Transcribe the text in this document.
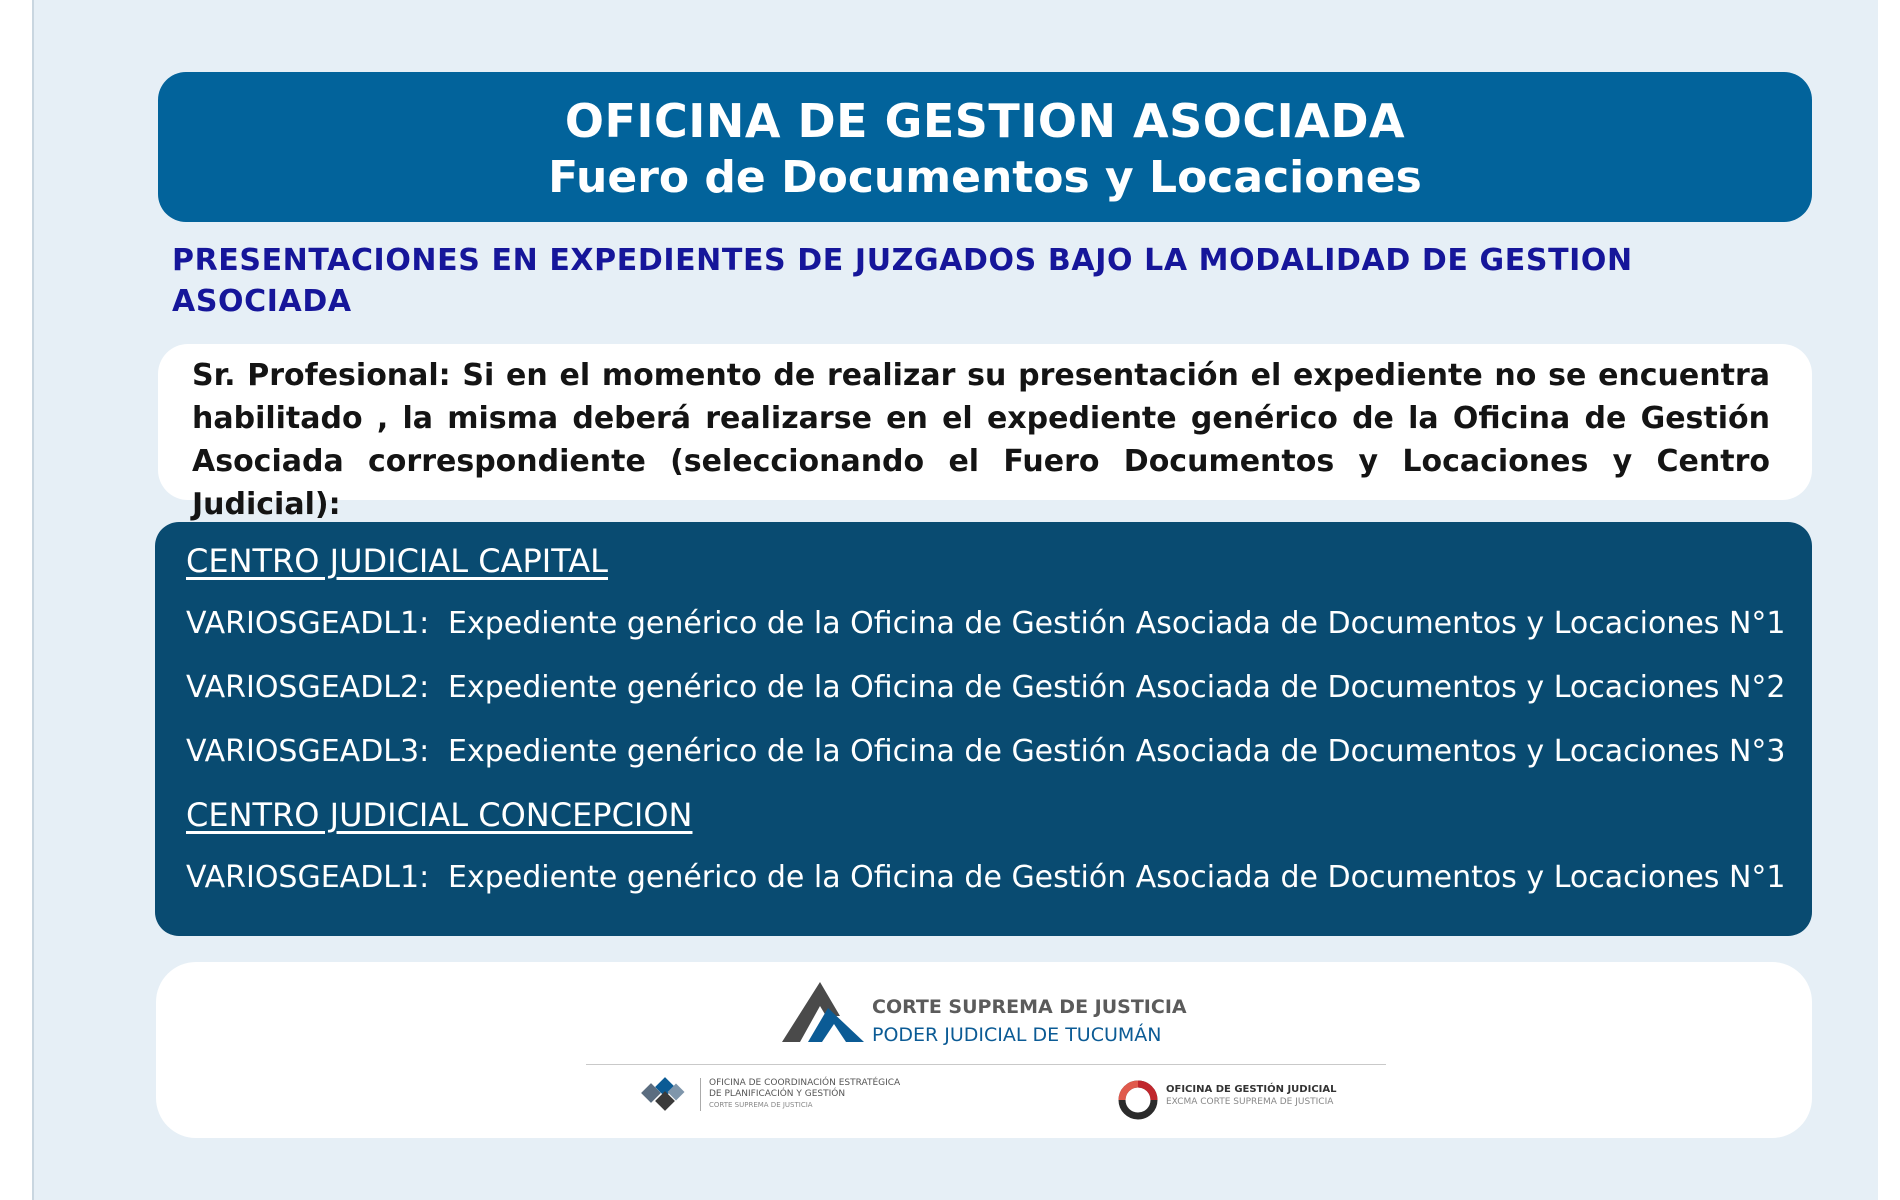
OFICINA DE GESTION ASOCIADA
Fuero de Documentos y Locaciones
PRESENTACIONES EN EXPEDIENTES DE JUZGADOS BAJO LA MODALIDAD DE GESTION ASOCIADA
Sr. Profesional: Si en el momento de realizar su presentación el expediente no se encuentra habilitado , la misma deberá realizarse en el expediente genérico de la Oficina de Gestión Asociada correspondiente (seleccionando el Fuero Documentos y Locaciones y Centro Judicial):
CENTRO JUDICIAL CAPITAL
VARIOSGEADL1: Expediente genérico de la Oficina de Gestión Asociada de Documentos y Locaciones N°1
VARIOSGEADL2: Expediente genérico de la Oficina de Gestión Asociada de Documentos y Locaciones N°2
VARIOSGEADL3: Expediente genérico de la Oficina de Gestión Asociada de Documentos y Locaciones N°3
CENTRO JUDICIAL CONCEPCION
VARIOSGEADL1: Expediente genérico de la Oficina de Gestión Asociada de Documentos y Locaciones N°1
CORTE SUPREMA DE JUSTICIA
PODER JUDICIAL DE TUCUMÁN
OFICINA DE COORDINACIÓN ESTRATÉGICA
DE PLANIFICACIÓN Y GESTIÓN
CORTE SUPREMA DE JUSTICIA
OFICINA DE GESTIÓN JUDICIAL
EXCMA CORTE SUPREMA DE JUSTICIA
